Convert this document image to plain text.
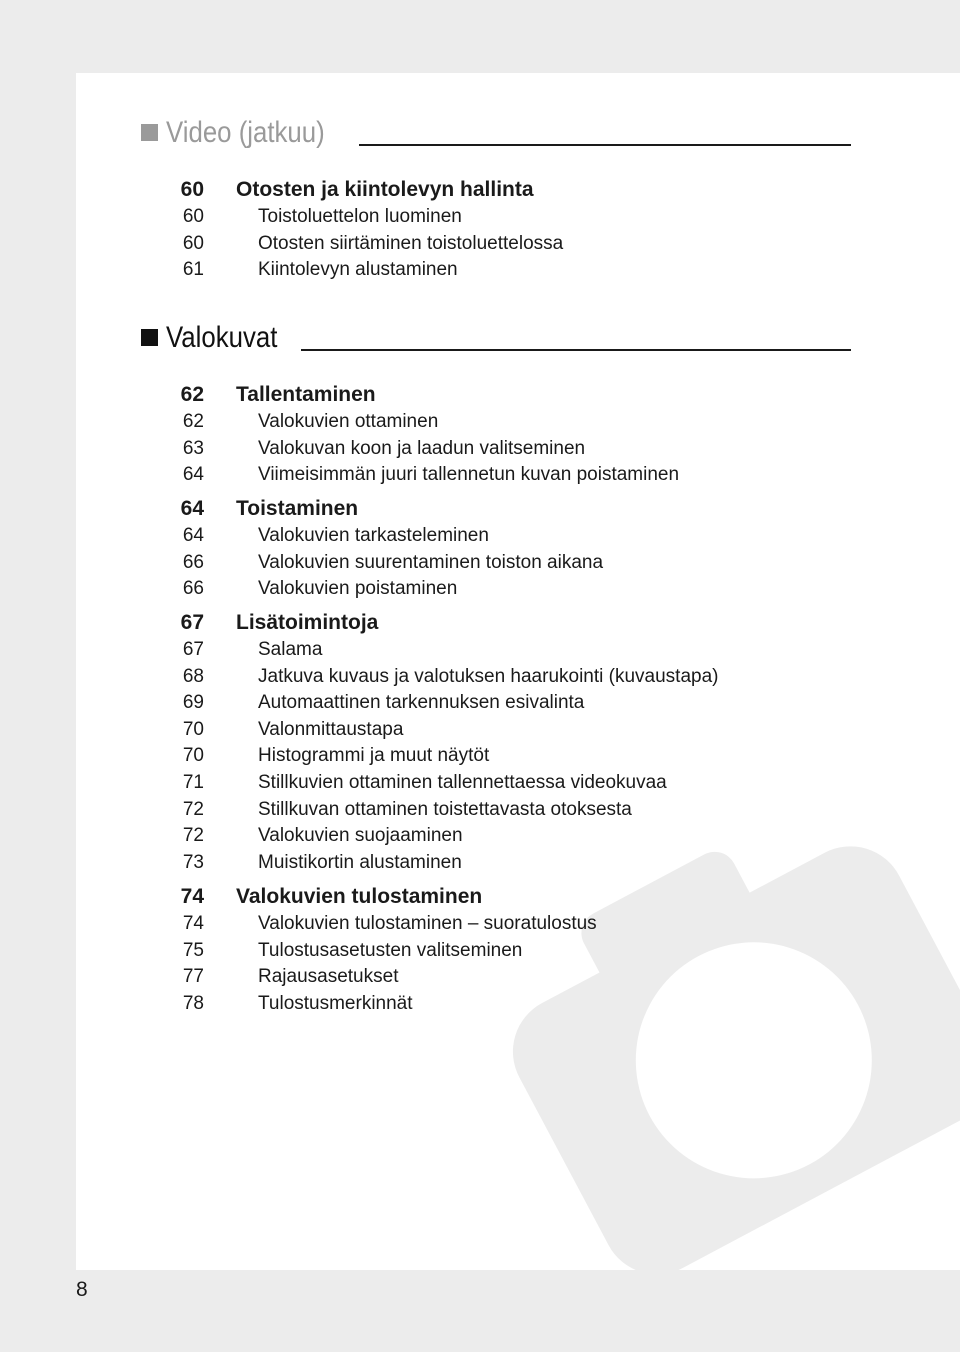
Video (jatkuu)
60 Otosten ja kiintolevyn hallinta
60	Toistoluettelon luominen
60	Otosten siirtäminen toistoluettelossa
61	Kiintolevyn alustaminen
Valokuvat
62 Tallentaminen
62	Valokuvien ottaminen
63	Valokuvan koon ja laadun valitseminen
64	Viimeisimmän juuri tallennetun kuvan poistaminen
64 Toistaminen
64	Valokuvien tarkasteleminen
66	Valokuvien suurentaminen toiston aikana
66	Valokuvien poistaminen
67 Lisätoimintoja
67	Salama
68	Jatkuva kuvaus ja valotuksen haarukointi (kuvaustapa)
69	Automaattinen tarkennuksen esivalinta
70	Valonmittaustapa
70	Histogrammi ja muut näytöt
71	Stillkuvien ottaminen tallennettaessa videokuvaa
72	Stillkuvan ottaminen toistettavasta otoksesta
72	Valokuvien suojaaminen
73	Muistikortin alustaminen
74 Valokuvien tulostaminen
74	Valokuvien tulostaminen – suoratulostus
75	Tulostusasetusten valitseminen
77	Rajausasetukset
78	Tulostusmerkinnät
8
